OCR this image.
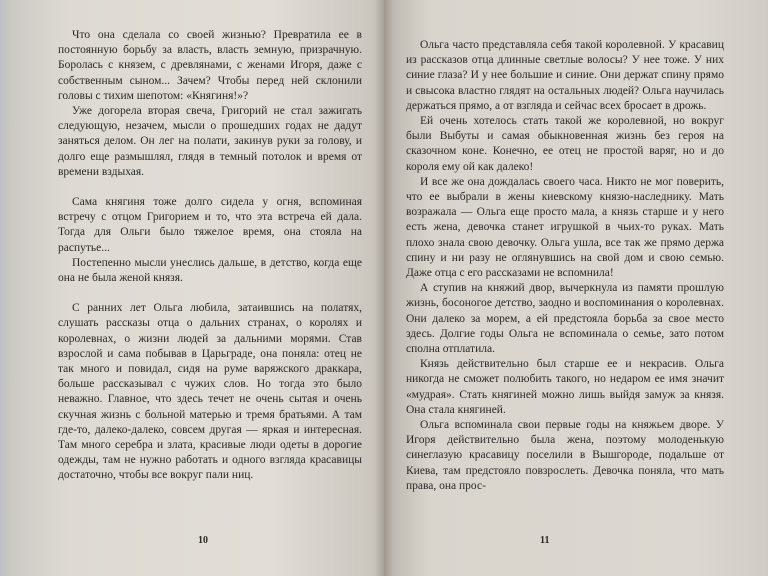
Что она сделала со своей жизнью? Превратила ее в постоянную борьбу за власть, власть земную, призрачную. Боролась с князем, с древлянами, с женами Игоря, даже с собственным сыном... Зачем? Чтобы перед ней склонили головы с тихим шепотом: «Княгиня!»?

Уже догорела вторая свеча, Григорий не стал зажигать следующую, незачем, мысли о прошедших годах не дадут заняться делом. Он лег на полати, закинув руки за голову, и долго еще размышлял, глядя в темный потолок и время от времени вздыхая.

Сама княгиня тоже долго сидела у огня, вспоминая встречу с отцом Григорием и то, что эта встреча ей дала. Тогда для Ольги было тяжелое время, она стояла на распутье...

Постепенно мысли унеслись дальше, в детство, когда еще она не была женой князя.

С ранних лет Ольга любила, затаившись на полатях, слушать рассказы отца о дальних странах, о королях и королевнах, о жизни людей за дальними морями. Став взрослой и сама побывав в Царьграде, она поняла: отец не так много и повидал, сидя на руме варяжского драккара, больше рассказывал с чужих слов. Но тогда это было неважно. Главное, что здесь течет не очень сытая и очень скучная жизнь с больной матерью и тремя братьями. А там где-то, далеко-далеко, совсем другая — яркая и интересная. Там много серебра и злата, красивые люди одеты в дорогие одежды, там не нужно работать и одного взгляда красавицы достаточно, чтобы все вокруг пали ниц.

10

Ольга часто представляла себя такой королевной. У красавиц из рассказов отца длинные светлые волосы? У нее тоже. У них синие глаза? И у нее большие и синие. Они держат спину прямо и свысока властно глядят на остальных людей? Ольга научилась держаться прямо, а от взгляда и сейчас всех бросает в дрожь.

Ей очень хотелось стать такой же королевной, но вокруг были Выбуты и самая обыкновенная жизнь без героя на сказочном коне. Конечно, ее отец не простой варяг, но и до короля ему ой как далеко!

И все же она дождалась своего часа. Никто не мог поверить, что ее выбрали в жены киевскому князю-наследнику. Мать возражала — Ольга еще просто мала, а князь старше и у него есть жена, девочка станет игрушкой в чьих-то руках. Мать плохо знала свою девочку. Ольга ушла, все так же прямо держа спину и ни разу не оглянувшись на свой дом и свою семью. Даже отца с его рассказами не вспомнила!

А ступив на княжий двор, вычеркнула из памяти прошлую жизнь, босоногое детство, заодно и воспоминания о королевнах. Они далеко за морем, а ей предстояла борьба за свое место здесь. Долгие годы Ольга не вспоминала о семье, зато потом сполна отплатила.

Князь действительно был старше ее и некрасив. Ольга никогда не сможет полюбить такого, но недаром ее имя значит «мудрая». Стать княгиней можно лишь выйдя замуж за князя. Она стала княгиней.

Ольга вспоминала свои первые годы на княжьем дворе. У Игоря действительно была жена, поэтому молоденькую синеглазую красавицу поселили в Вышгороде, подальше от Киева, там предстояло повзрослеть. Девочка поняла, что мать права, она прос-

11
